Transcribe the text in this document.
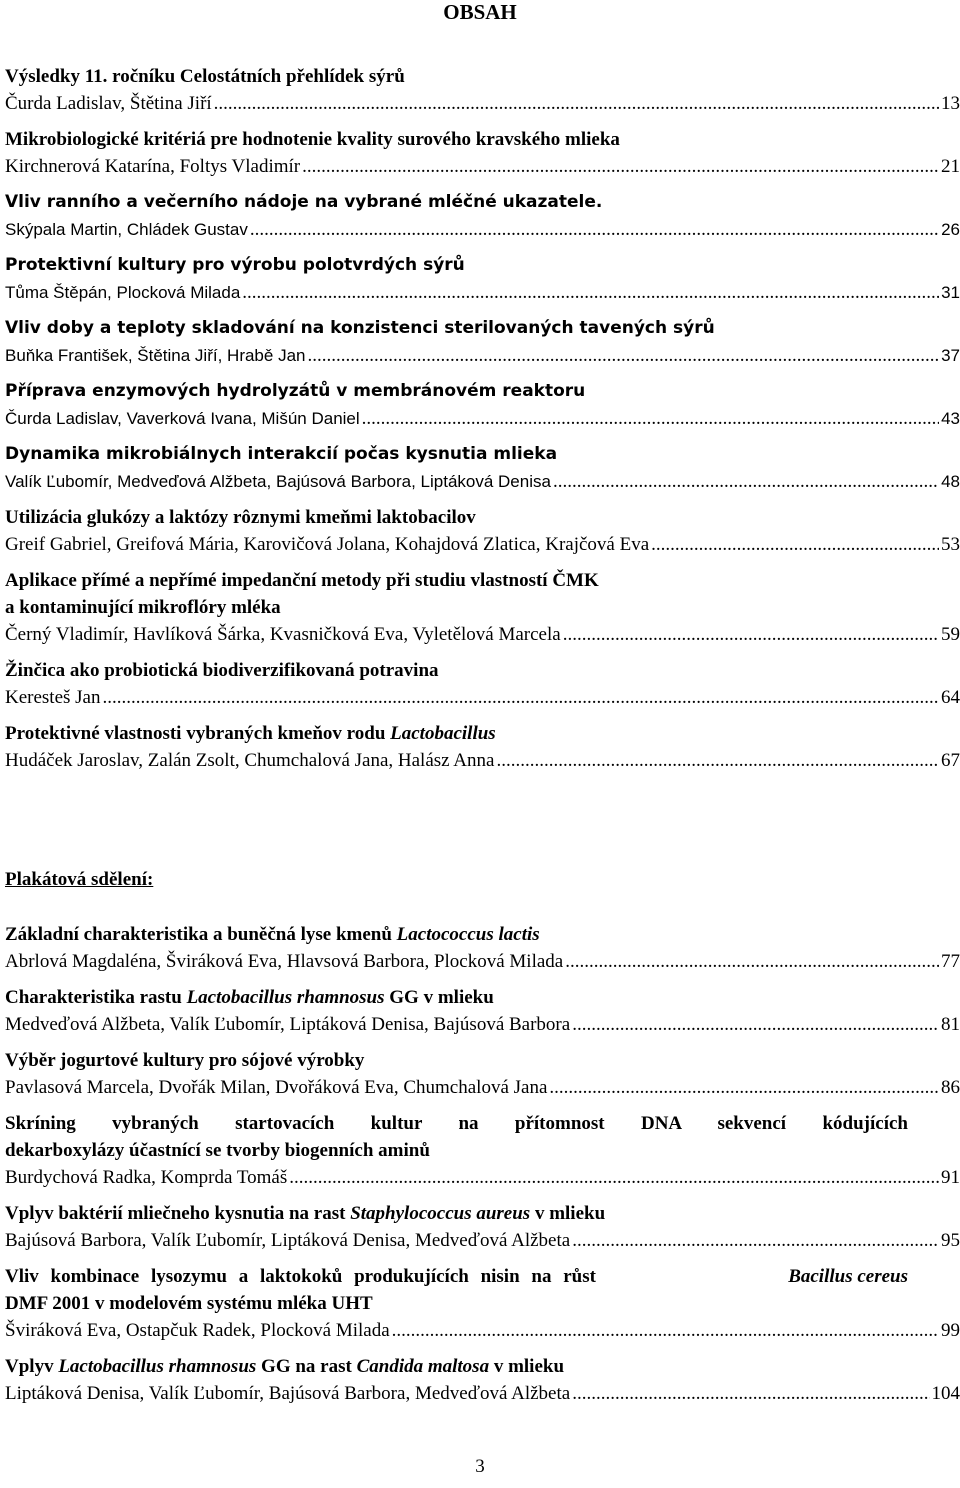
OBSAH
Výsledky 11. ročníku Celostátních přehlídek sýrů
Čurda Ladislav, Štětina Jiří .....	13
Mikrobiologické kritériá pre hodnotenie kvality surového kravského mlieka
Kirchnerová Katarína, Foltys Vladimír .....	21
Vliv ranního a večerního nádoje na vybrané mléčné ukazatele.
Skýpala Martin, Chládek Gustav .....	26
Protektivní kultury pro výrobu polotvrdých sýrů
Tůma Štěpán, Plocková Milada .....	31
Vliv doby a teploty skladování na konzistenci sterilovaných tavených sýrů
Buňka František, Štětina Jiří, Hrabě Jan .....	37
Příprava enzymových hydrolyzátů v membránovém reaktoru
Čurda Ladislav, Vaverková Ivana, Mišún Daniel .....	43
Dynamika mikrobiálnych interakcií počas kysnutia mlieka
Valík Ľubomír, Medveďová Alžbeta, Bajúsová Barbora, Liptáková Denisa .....	48
Utilizácia glukózy a laktózy rôznymi kmeňmi laktobacilov
Greif Gabriel, Greifová Mária, Karovičová Jolana, Kohajdová Zlatica, Krajčová Eva .....	53
Aplikace přímé a nepřímé impedanční metody při studiu vlastností ČMK
a kontaminující mikroflóry mléka
Černý Vladimír, Havlíková Šárka, Kvasničková Eva, Vyletělová Marcela .....	59
Žinčica ako probiotická biodiverzifikovaná potravina
Keresteš Jan .....	64
Protektivné vlastnosti vybraných kmeňov rodu Lactobacillus
Hudáček Jaroslav, Zalán Zsolt, Chumchalová Jana, Halász Anna .....	67
Plakátová sdělení:
Základní charakteristika a buněčná lyse kmenů Lactococcus lactis
Abrlová Magdaléna, Šviráková Eva, Hlavsová Barbora, Plocková Milada .....	77
Charakteristika rastu Lactobacillus rhamnosus GG v mlieku
Medveďová Alžbeta, Valík Ľubomír, Liptáková Denisa, Bajúsová Barbora .....	81
Výběr jogurtové kultury pro sójové výrobky
Pavlasová Marcela, Dvořák Milan, Dvořáková Eva, Chumchalová Jana .....	86
Skríning vybraných startovacích kultur na přítomnost DNA sekvencí kódujících
dekarboxylázy účastnící se tvorby biogenních aminů
Burdychová Radka, Komprda Tomáš .....	91
Vplyv baktérií mliečneho kysnutia na rast Staphylococcus aureus v mlieku
Bajúsová Barbora, Valík Ľubomír, Liptáková Denisa, Medveďová Alžbeta .....	95
Vliv kombinace lysozymu a laktokoků produkujících nisin na růst	Bacillus cereus
DMF 2001 v modelovém systému mléka UHT
Šviráková Eva, Ostapčuk Radek, Plocková Milada .....	99
Vplyv Lactobacillus rhamnosus GG na rast Candida maltosa v mlieku
Liptáková Denisa, Valík Ľubomír, Bajúsová Barbora, Medveďová Alžbeta .....	104
3
